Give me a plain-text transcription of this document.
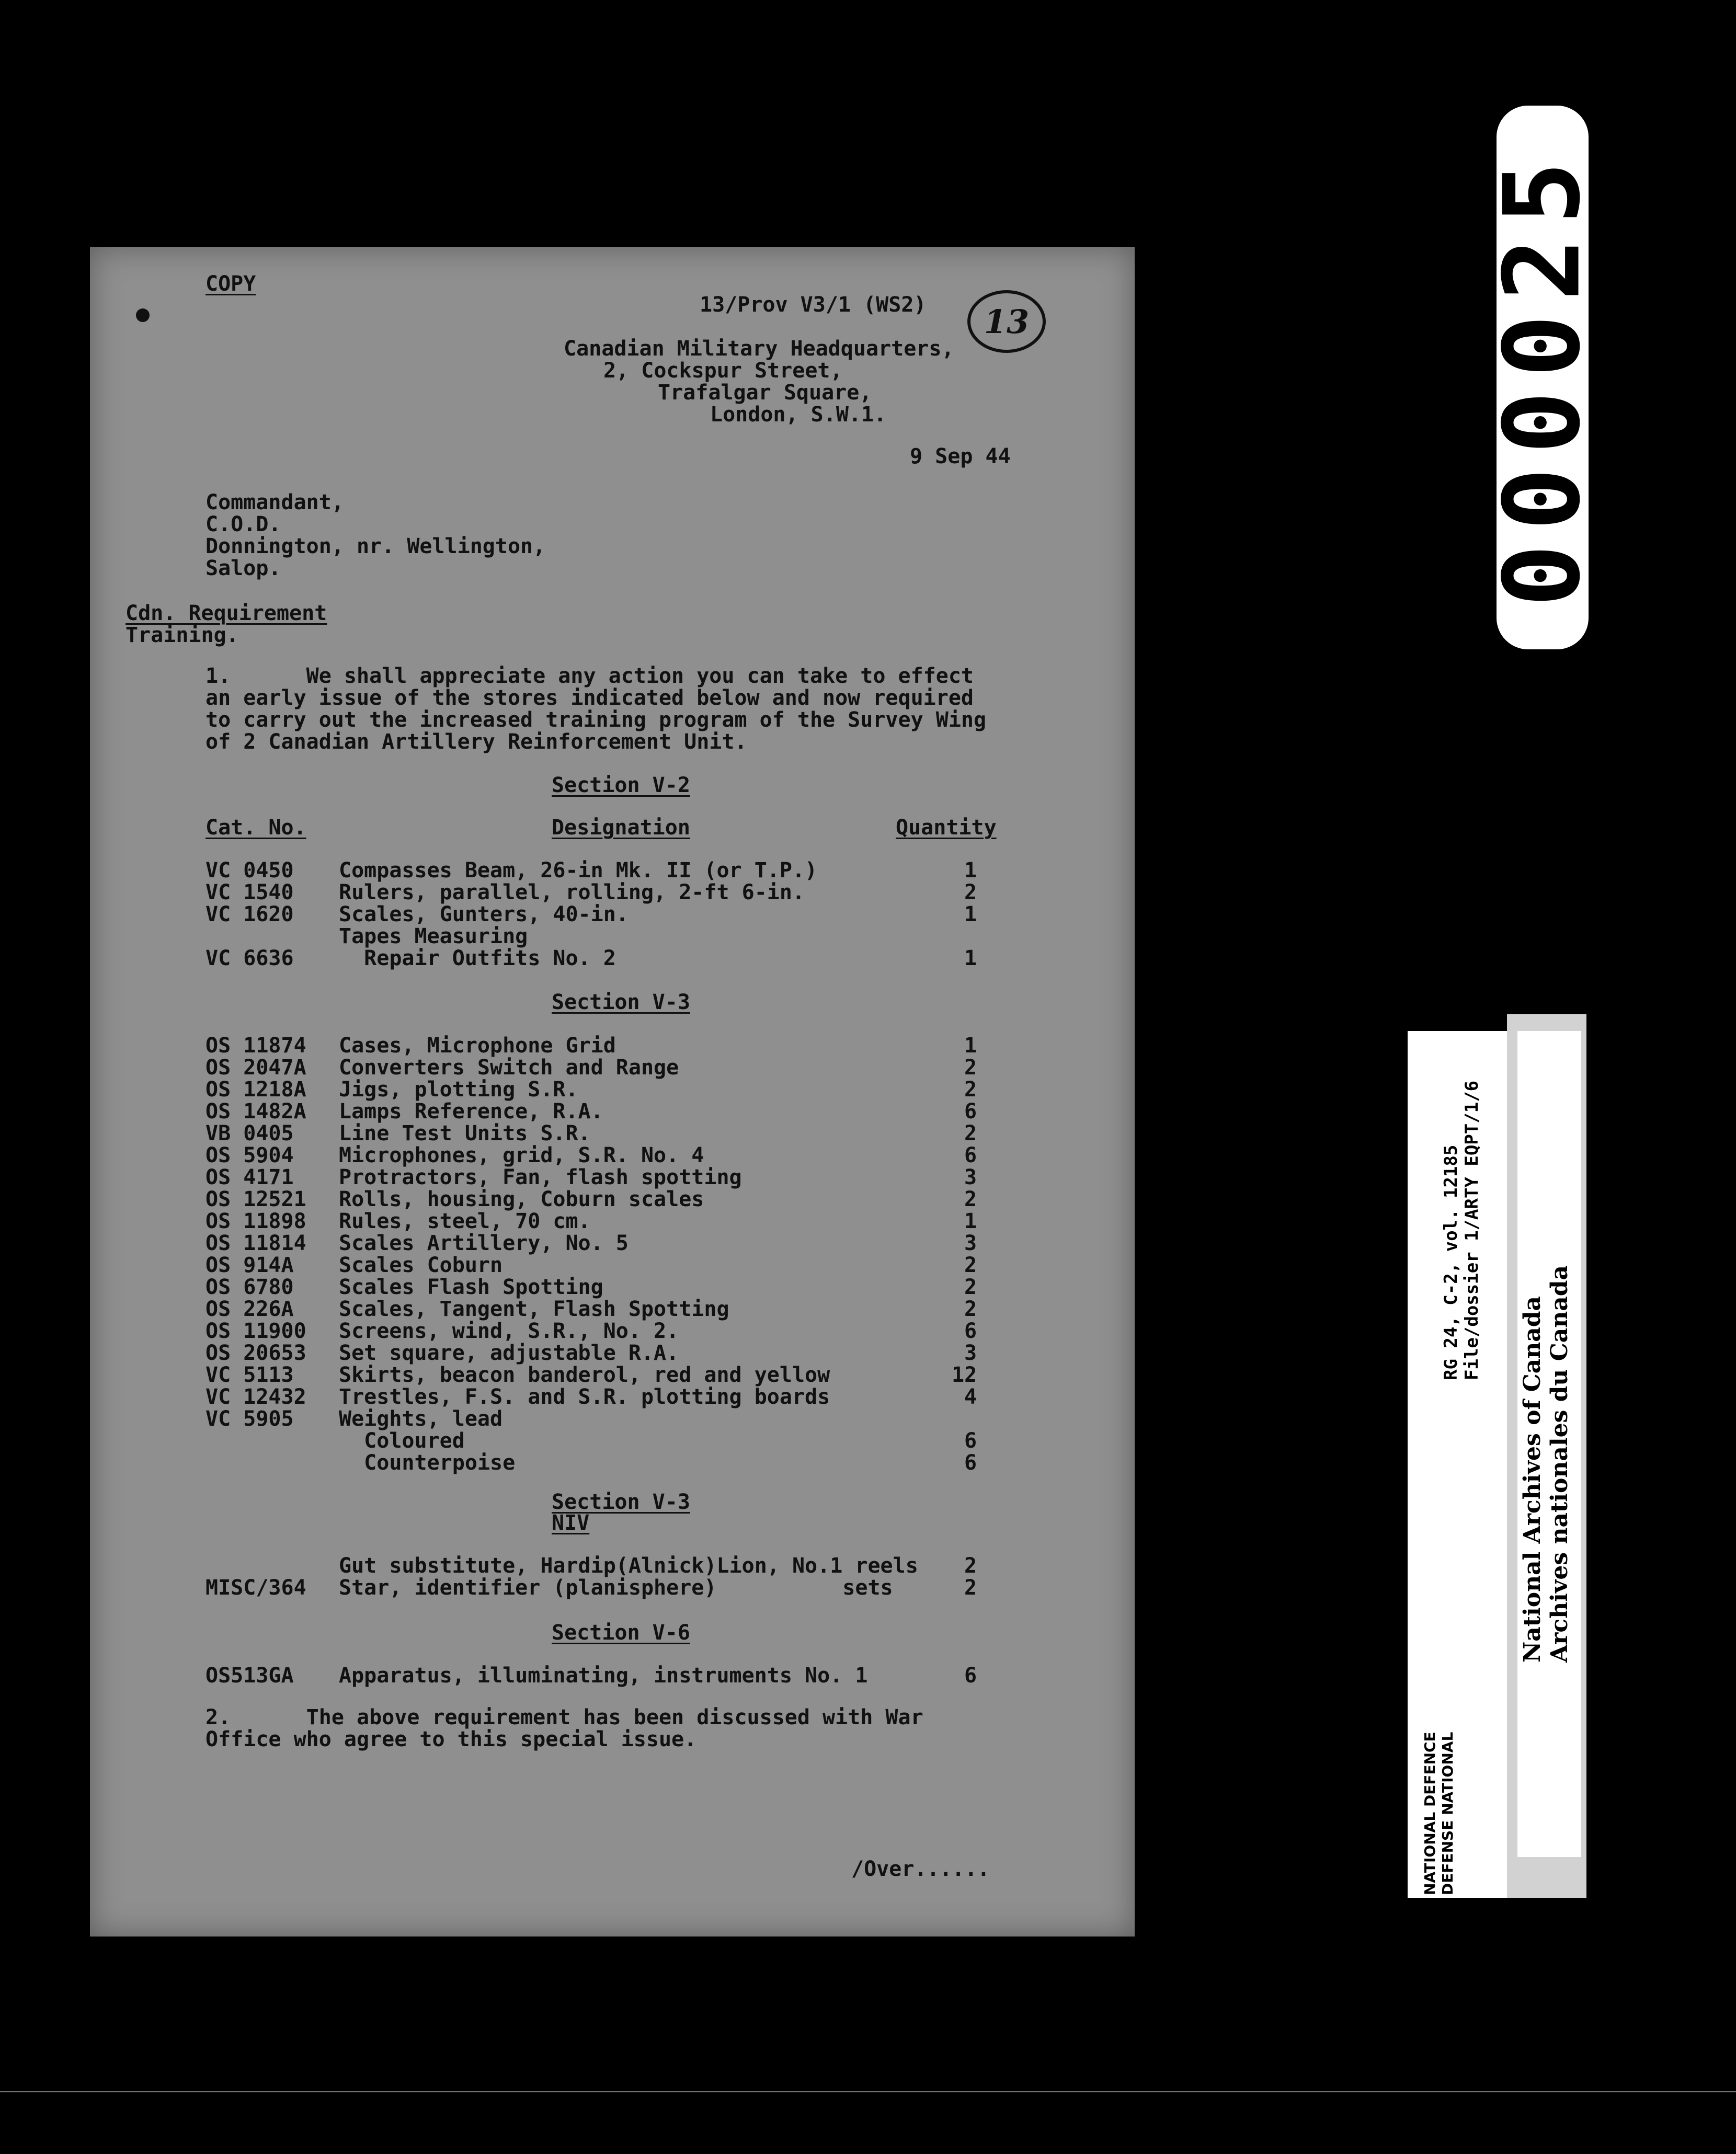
COPY
13/Prov V3/1 (WS2) 13
Canadian Military Headquarters,
2, Cockspur Street,
Trafalgar Square,
London, S.W.1.
9 Sep 44
Commandant,
C.O.D.
Donnington, nr. Wellington,
Salop.
Cdn. Requirement
Training.
1.      We shall appreciate any action you can take to effect
an early issue of the stores indicated below and now required
to carry out the increased training program of the Survey Wing
of 2 Canadian Artillery Reinforcement Unit.
Section V-2
Cat. No.	Designation	Quantity
VC 0450 Compasses Beam, 26-in Mk. II (or T.P.)	1
VC 1540 Rulers, parallel, rolling, 2-ft 6-in.	2
VC 1620 Scales, Gunters, 40-in.	1
Tapes Measuring
VC 6636 Repair Outfits No. 2	1
Section V-3
OS 11874 Cases, Microphone Grid	1
OS 2047A Converters Switch and Range	2
OS 1218A Jigs, plotting S.R.	2
OS 1482A Lamps Reference, R.A.	6
VB 0405 Line Test Units S.R.	2
OS 5904 Microphones, grid, S.R. No. 4	6
OS 4171 Protractors, Fan, flash spotting	3
OS 12521 Rolls, housing, Coburn scales	2
OS 11898 Rules, steel, 70 cm.	1
OS 11814 Scales Artillery, No. 5	3
OS 914A Scales Coburn	2
OS 6780 Scales Flash Spotting	2
OS 226A Scales, Tangent, Flash Spotting	2
OS 11900 Screens, wind, S.R., No. 2.	6
OS 20653 Set square, adjustable R.A.	3
VC 5113 Skirts, beacon banderol, red and yellow	12
VC 12432 Trestles, F.S. and S.R. plotting boards	4
VC 5905 Weights, lead
Coloured	6
Counterpoise	6
Section V-3
NIV
Gut substitute, Hardip(Alnick)Lion, No.1 reels 2
MISC/364 Star, identifier (planisphere)          sets	2
Section V-6
OS513GA Apparatus, illuminating, instruments No. 1	6
2.      The above requirement has been discussed with War
Office who agree to this special issue.
/Over......
RG 24, C-2, vol. 12185 File/dossier 1/ARTY EQPT/1/6
NATIONAL DEFENCE DEFENSE NATIONAL
National Archives of Canada Archives nationales du Canada
000025
